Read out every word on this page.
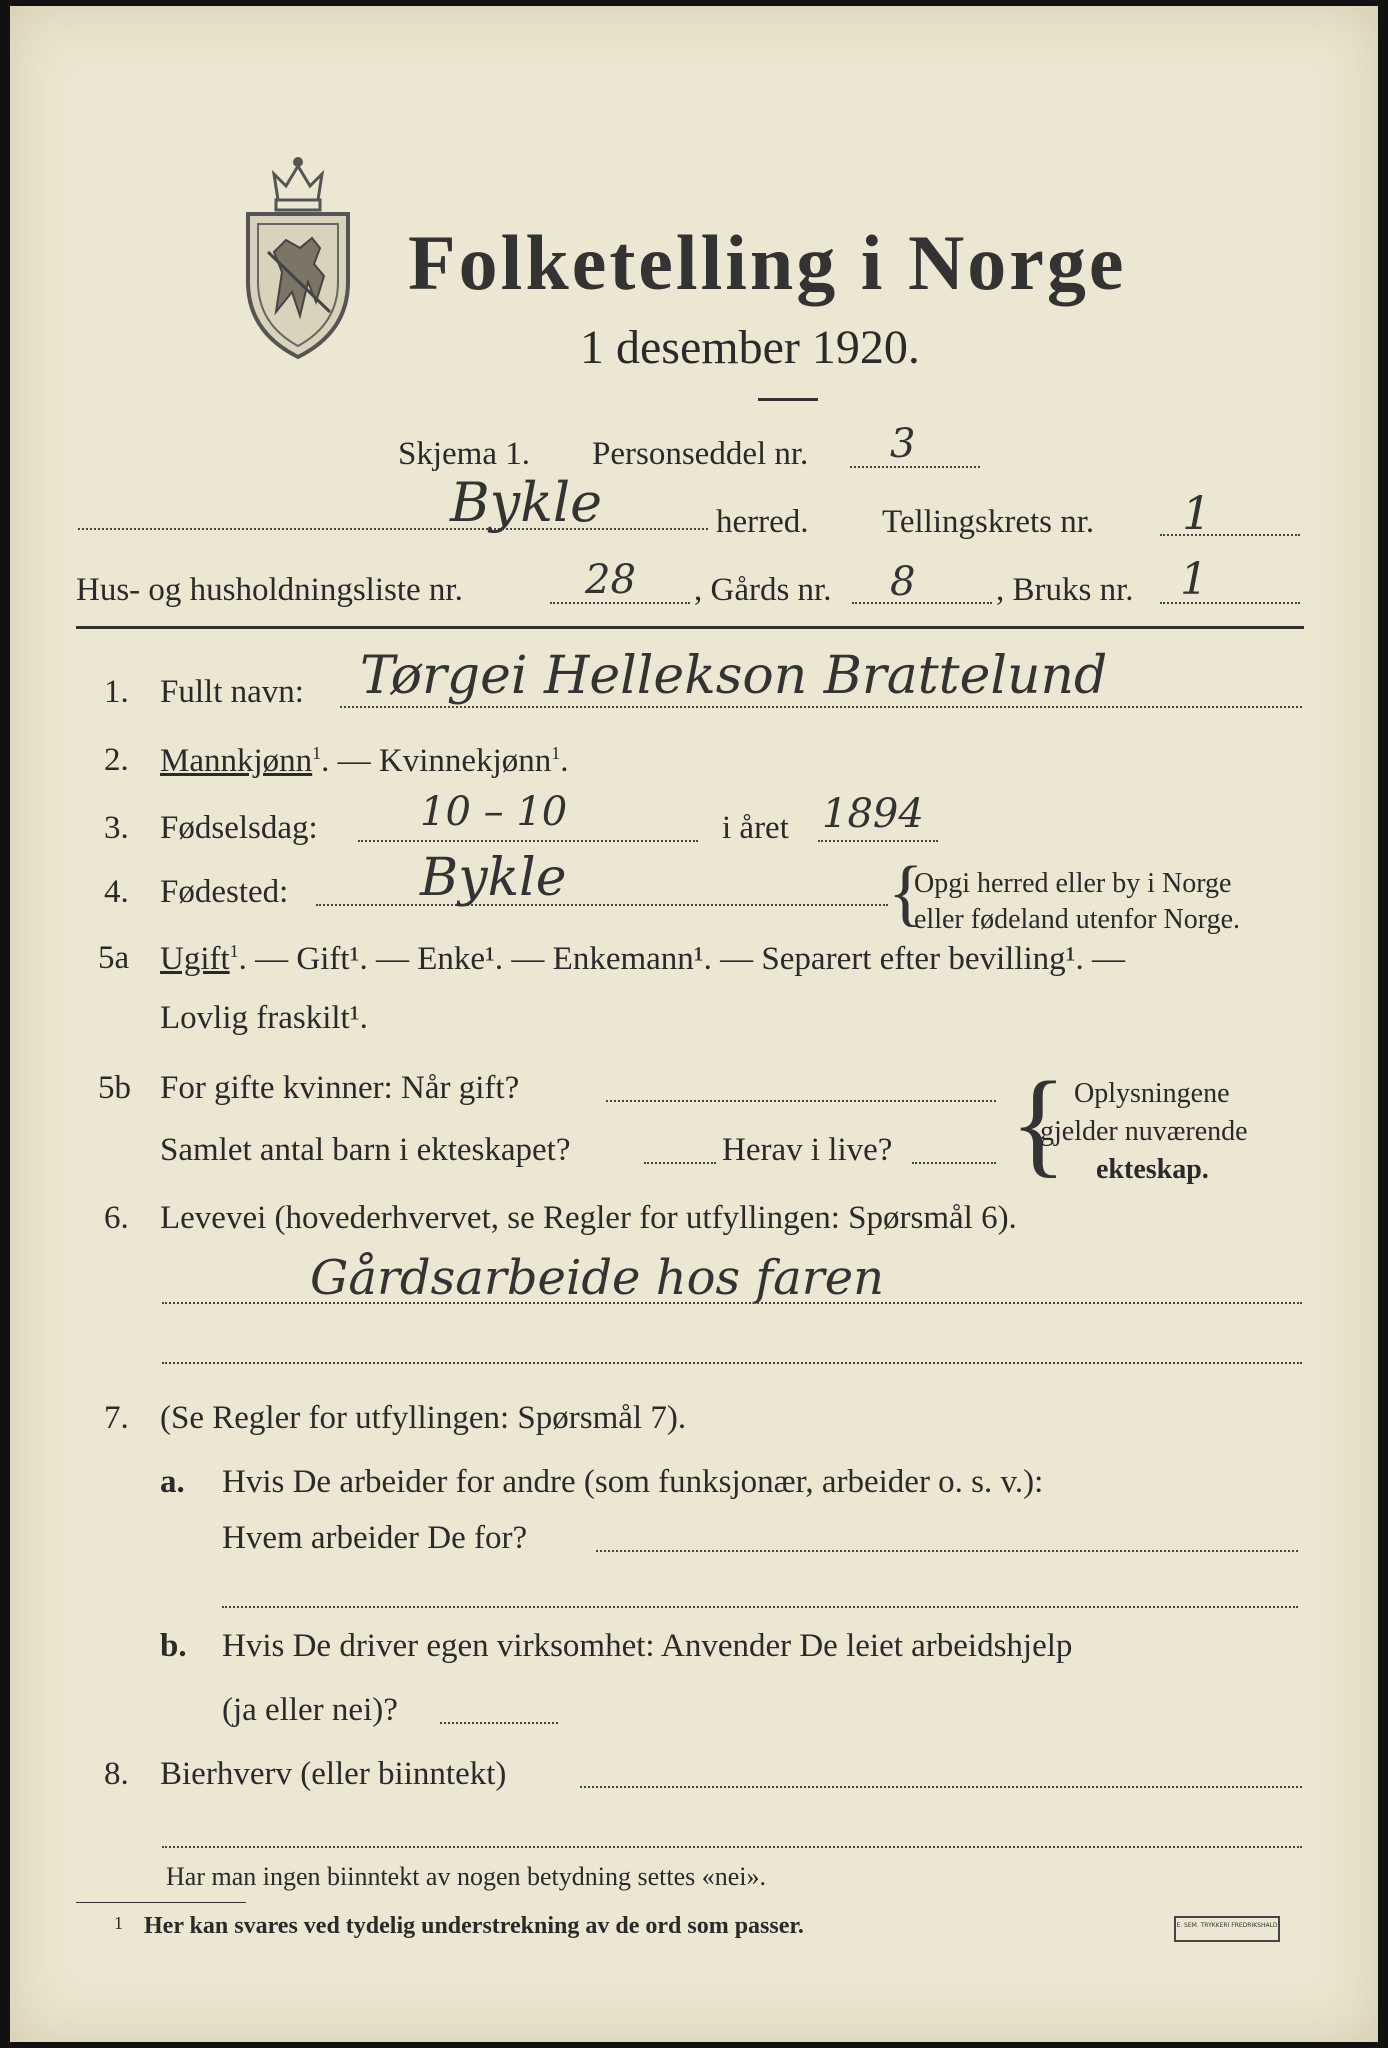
Folketelling i Norge
1 desember 1920.
Skjema 1. Personseddel nr. 3
Bykle	herred. Tellingskrets nr. 1
Hus- og husholdningsliste nr.	28 , Gårds nr. 8 , Bruks nr. 1
1. Fullt navn: Tørgei Hellekson Brattelund
2. Mannkjønn$^1$. — Kvinnekjønn$^1$.
3. Fødselsdag:	10 – 10	i året 1894
4. Fødested:	Bykle	{
Opgi herred eller by i Norge
eller fødeland utenfor Norge.
5a Ugift$^1$. — Gift¹. — Enke¹. — Enkemann¹. — Separert efter bevilling¹. —
Lovlig fraskilt¹.
5b For gifte kvinner: Når gift?
Samlet antal barn i ekteskapet?	Herav i live? { Oplysningene
gjelder nuværende
ekteskap.
6. Levevei (hovederhvervet, se Regler for utfyllingen: Spørsmål 6).
Gårdsarbeide hos faren
7. (Se Regler for utfyllingen: Spørsmål 7).
a. Hvis De arbeider for andre (som funksjonær, arbeider o. s. v.):
Hvem arbeider De for?
b. Hvis De driver egen virksomhet: Anvender De leiet arbeidshjelp
(ja eller nei)?
8. Bierhverv (eller biinntekt)
Har man ingen biinntekt av nogen betydning settes «nei».
1 Her kan svares ved tydelig understrekning av de ord som passer.	E. SEM. TRYKKERI FREDRIKSHALD
